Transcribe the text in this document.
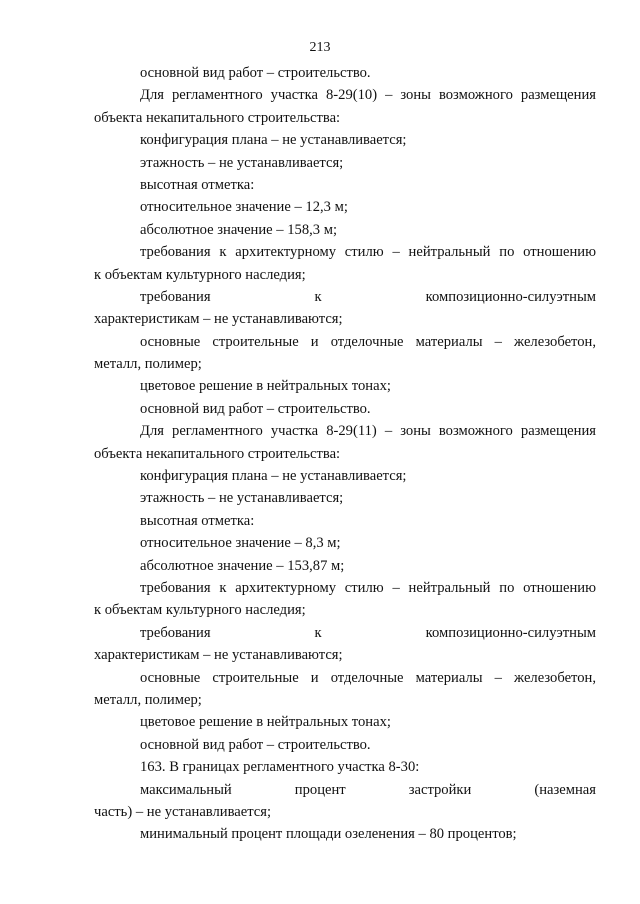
213
основной вид работ – строительство.
Для регламентного участка 8-29(10) – зоны возможного размещения
объекта некапитального строительства:
конфигурация плана – не устанавливается;
этажность – не устанавливается;
высотная отметка:
относительное значение – 12,3 м;
абсолютное значение – 158,3 м;
требования к архитектурному стилю – нейтральный по отношению
к объектам культурного наследия;
требования к композиционно-силуэтным
характеристикам – не устанавливаются;
основные строительные и отделочные материалы – железобетон,
металл, полимер;
цветовое решение в нейтральных тонах;
основной вид работ – строительство.
Для регламентного участка 8-29(11) – зоны возможного размещения
объекта некапитального строительства:
конфигурация плана – не устанавливается;
этажность – не устанавливается;
высотная отметка:
относительное значение – 8,3 м;
абсолютное значение – 153,87 м;
требования к архитектурному стилю – нейтральный по отношению
к объектам культурного наследия;
требования к композиционно-силуэтным
характеристикам – не устанавливаются;
основные строительные и отделочные материалы – железобетон,
металл, полимер;
цветовое решение в нейтральных тонах;
основной вид работ – строительство.
163. В границах регламентного участка 8-30:
максимальный процент застройки (наземная
часть) – не устанавливается;
минимальный процент площади озеленения – 80 процентов;
